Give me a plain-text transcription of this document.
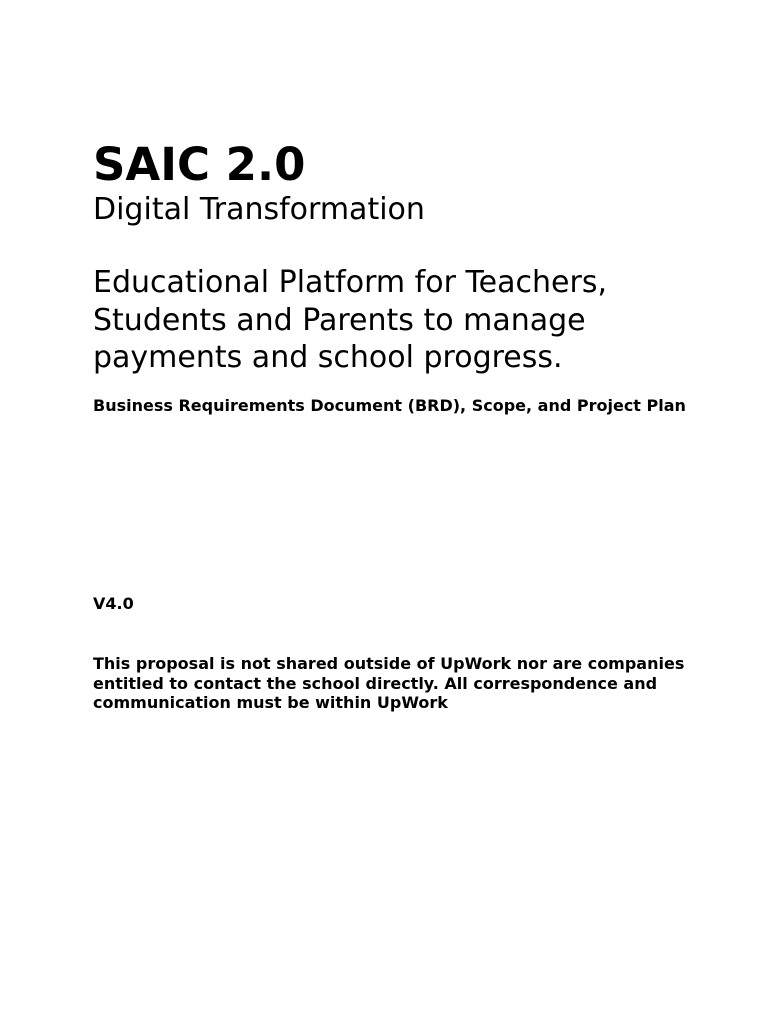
SAIC 2.0
Digital Transformation

Educational Platform for Teachers, Students and Parents to manage payments and school progress.

Business Requirements Document (BRD), Scope, and Project Plan

V4.0

This proposal is not shared outside of UpWork nor are companies entitled to contact the school directly. All correspondence and communication must be within UpWork
